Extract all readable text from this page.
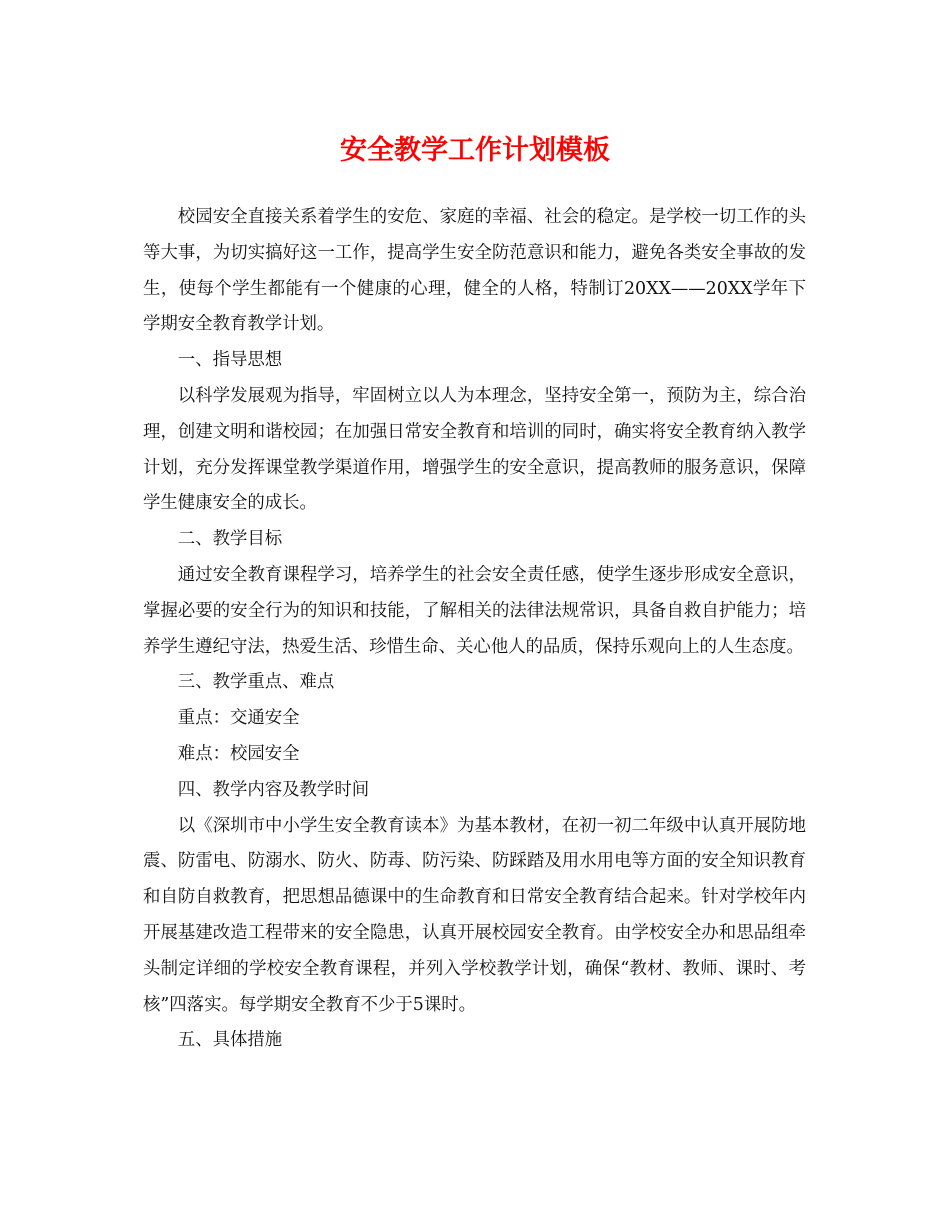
安全教学工作计划模板

校园安全直接关系着学生的安危、家庭的幸福、社会的稳定。是学校一切工作的头等大事，为切实搞好这一工作，提高学生安全防范意识和能力，避免各类安全事故的发生，使每个学生都能有一个健康的心理，健全的人格，特制订20XX——20XX学年下学期安全教育教学计划。

一、指导思想

以科学发展观为指导，牢固树立以人为本理念，坚持安全第一，预防为主，综合治理，创建文明和谐校园；在加强日常安全教育和培训的同时，确实将安全教育纳入教学计划，充分发挥课堂教学渠道作用，增强学生的安全意识，提高教师的服务意识，保障学生健康安全的成长。

二、教学目标

通过安全教育课程学习，培养学生的社会安全责任感，使学生逐步形成安全意识，掌握必要的安全行为的知识和技能，了解相关的法律法规常识，具备自救自护能力；培养学生遵纪守法，热爱生活、珍惜生命、关心他人的品质，保持乐观向上的人生态度。

三、教学重点、难点

重点：交通安全

难点：校园安全

四、教学内容及教学时间

以《深圳市中小学生安全教育读本》为基本教材，在初一初二年级中认真开展防地震、防雷电、防溺水、防火、防毒、防污染、防踩踏及用水用电等方面的安全知识教育和自防自救教育，把思想品德课中的生命教育和日常安全教育结合起来。针对学校年内开展基建改造工程带来的安全隐患，认真开展校园安全教育。由学校安全办和思品组牵头制定详细的学校安全教育课程，并列入学校教学计划，确保“教材、教师、课时、考核”四落实。每学期安全教育不少于5课时。

五、具体措施
